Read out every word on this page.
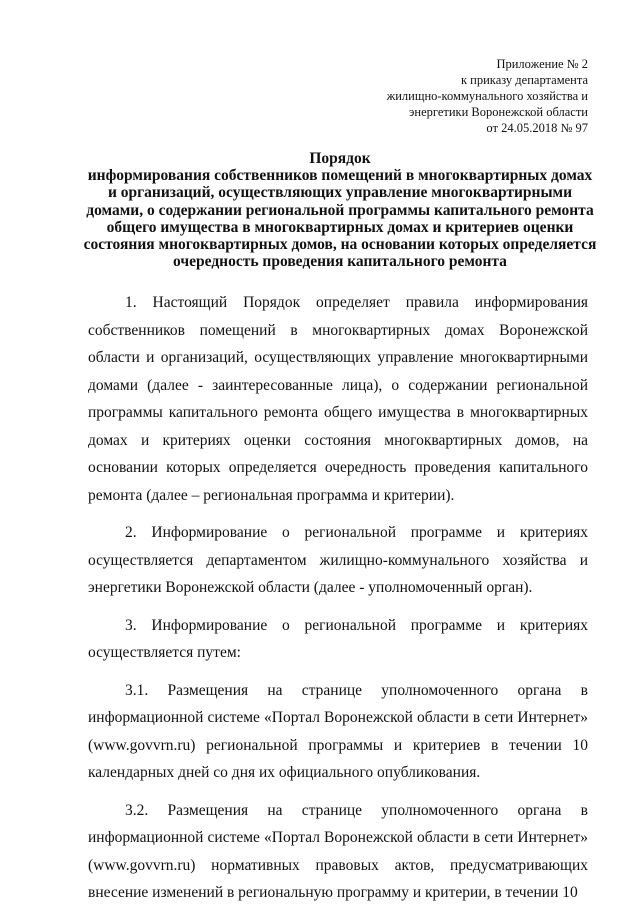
Приложение № 2
к приказу департамента
жилищно-коммунального хозяйства и
энергетики Воронежской области
от 24.05.2018 № 97
Порядок
информирования собственников помещений в многоквартирных домах
и организаций, осуществляющих управление многоквартирными
домами, о содержании региональной программы капитального ремонта
общего имущества в многоквартирных домах и критериев оценки
состояния многоквартирных домов, на основании которых определяется
очередность проведения капитального ремонта

1. Настоящий Порядок определяет правила информирования собственников помещений в многоквартирных домах Воронежской области и организаций, осуществляющих управление многоквартирными домами (далее - заинтересованные лица), о содержании региональной программы капитального ремонта общего имущества в многоквартирных домах и критериях оценки состояния многоквартирных домов, на основании которых определяется очередность проведения капитального ремонта (далее – региональная программа и критерии).

2. Информирование о региональной программе и критериях осуществляется департаментом жилищно-коммунального хозяйства и энергетики Воронежской области (далее - уполномоченный орган).

3. Информирование о региональной программе и критериях осуществляется путем:

3.1. Размещения на странице уполномоченного органа в информационной системе «Портал Воронежской области в сети Интернет» (www.govvrn.ru) региональной программы и критериев в течении 10 календарных дней со дня их официального опубликования.

3.2. Размещения на странице уполномоченного органа в информационной системе «Портал Воронежской области в сети Интернет» (www.govvrn.ru) нормативных правовых актов, предусматривающих внесение изменений в региональную программу и критерии, в течении 10
